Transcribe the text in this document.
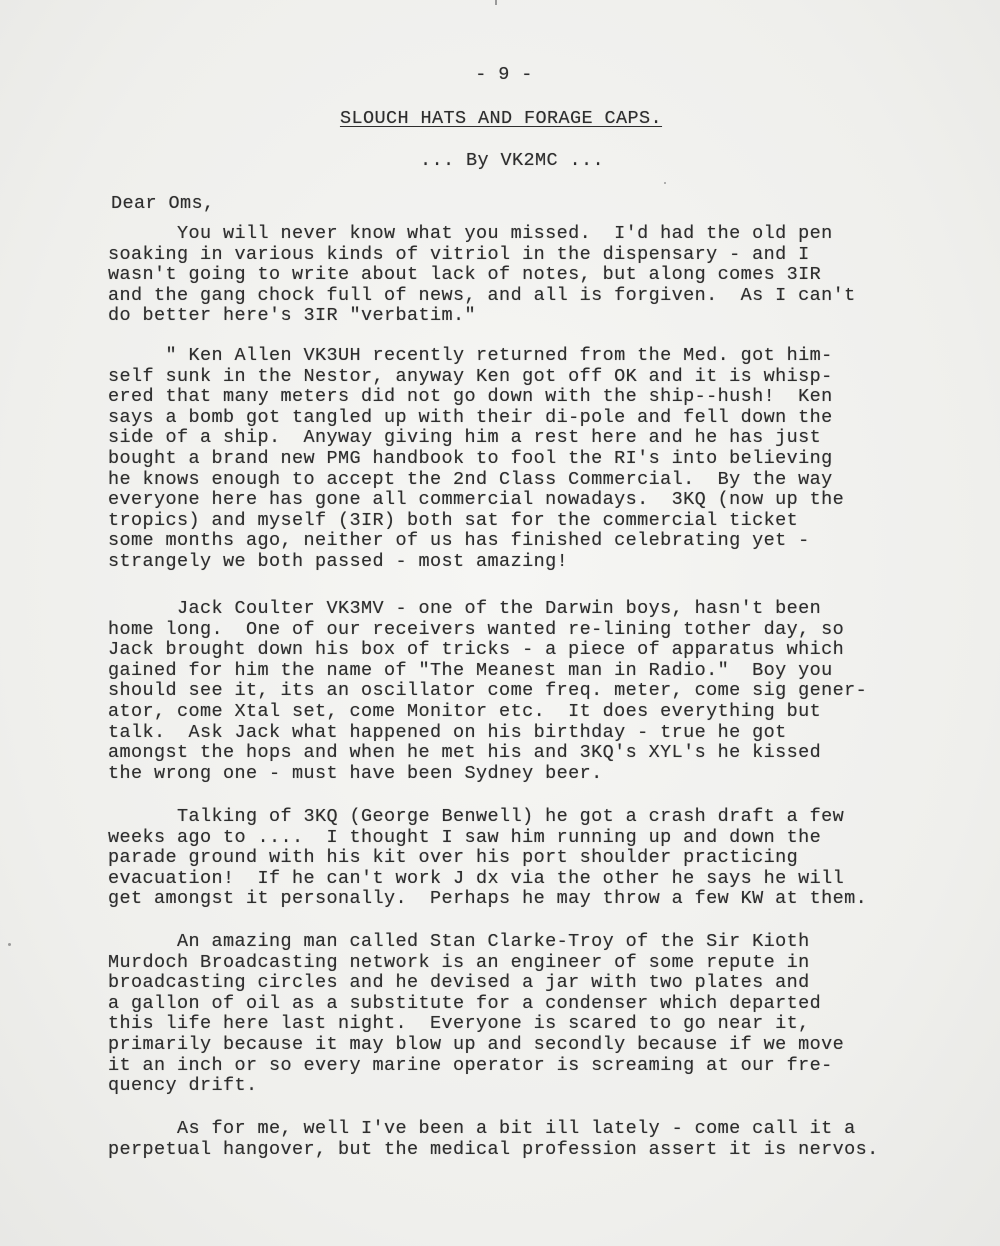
- 9 -

SLOUCH HATS AND FORAGE CAPS.

... By VK2MC ...

Dear Oms,

You will never know what you missed.  I'd had the old pen
soaking in various kinds of vitriol in the dispensary - and I
wasn't going to write about lack of notes, but along comes 3IR
and the gang chock full of news, and all is forgiven.  As I can't
do better here's 3IR "verbatim."

" Ken Allen VK3UH recently returned from the Med. got him-
self sunk in the Nestor, anyway Ken got off OK and it is whisp-
ered that many meters did not go down with the ship--hush!  Ken
says a bomb got tangled up with their di-pole and fell down the
side of a ship.  Anyway giving him a rest here and he has just
bought a brand new PMG handbook to fool the RI's into believing
he knows enough to accept the 2nd Class Commercial.  By the way
everyone here has gone all commercial nowadays.  3KQ (now up the
tropics) and myself (3IR) both sat for the commercial ticket
some months ago, neither of us has finished celebrating yet -
strangely we both passed - most amazing!

Jack Coulter VK3MV - one of the Darwin boys, hasn't been
home long.  One of our receivers wanted re-lining tother day, so
Jack brought down his box of tricks - a piece of apparatus which
gained for him the name of "The Meanest man in Radio."  Boy you
should see it, its an oscillator come freq. meter, come sig gener-
ator, come Xtal set, come Monitor etc.  It does everything but
talk.  Ask Jack what happened on his birthday - true he got
amongst the hops and when he met his and 3KQ's XYL's he kissed
the wrong one - must have been Sydney beer.

Talking of 3KQ (George Benwell) he got a crash draft a few
weeks ago to ....  I thought I saw him running up and down the
parade ground with his kit over his port shoulder practicing
evacuation!  If he can't work J dx via the other he says he will
get amongst it personally.  Perhaps he may throw a few KW at them.

An amazing man called Stan Clarke-Troy of the Sir Kioth
Murdoch Broadcasting network is an engineer of some repute in
broadcasting circles and he devised a jar with two plates and
a gallon of oil as a substitute for a condenser which departed
this life here last night.  Everyone is scared to go near it,
primarily because it may blow up and secondly because if we move
it an inch or so every marine operator is screaming at our fre-
quency drift.

As for me, well I've been a bit ill lately - come call it a
perpetual hangover, but the medical profession assert it is nervos.
